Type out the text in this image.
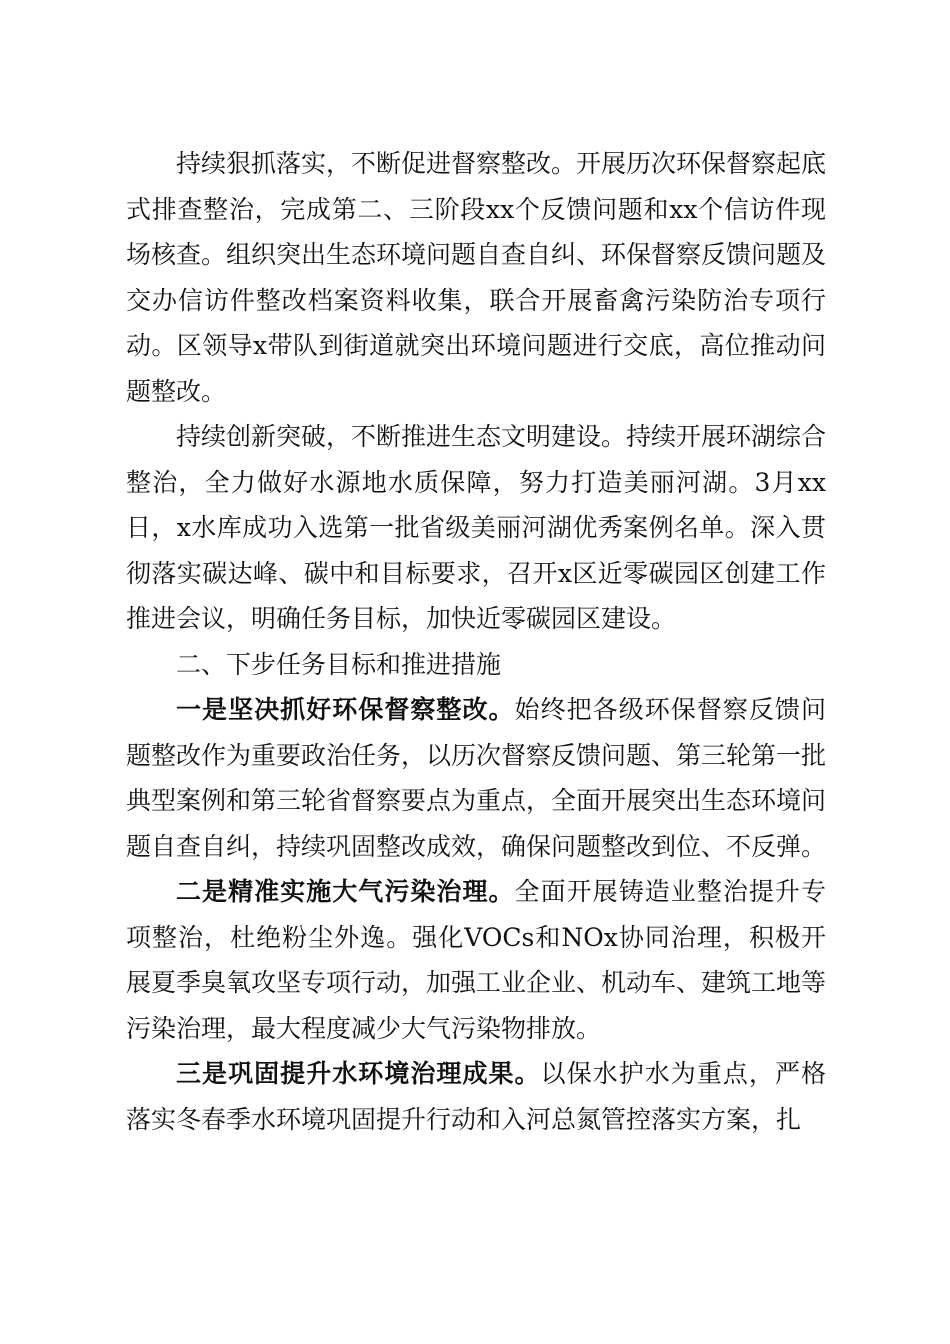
持续狠抓落实，不断促进督察整改。开展历次环保督察起底式排查整治，完成第二、三阶段xx个反馈问题和xx个信访件现场核查。组织突出生态环境问题自查自纠、环保督察反馈问题及交办信访件整改档案资料收集，联合开展畜禽污染防治专项行动。区领导x带队到街道就突出环境问题进行交底，高位推动问题整改。

持续创新突破，不断推进生态文明建设。持续开展环湖综合整治，全力做好水源地水质保障，努力打造美丽河湖。3月xx日，x水库成功入选第一批省级美丽河湖优秀案例名单。深入贯彻落实碳达峰、碳中和目标要求，召开x区近零碳园区创建工作推进会议，明确任务目标，加快近零碳园区建设。

二、下步任务目标和推进措施

一是坚决抓好环保督察整改。始终把各级环保督察反馈问题整改作为重要政治任务，以历次督察反馈问题、第三轮第一批典型案例和第三轮省督察要点为重点，全面开展突出生态环境问题自查自纠，持续巩固整改成效，确保问题整改到位、不反弹。

二是精准实施大气污染治理。全面开展铸造业整治提升专项整治，杜绝粉尘外逸。强化VOCs和NOx协同治理，积极开展夏季臭氧攻坚专项行动，加强工业企业、机动车、建筑工地等污染治理，最大程度减少大气污染物排放。

三是巩固提升水环境治理成果。以保水护水为重点，严格落实冬春季水环境巩固提升行动和入河总氮管控落实方案，扎
